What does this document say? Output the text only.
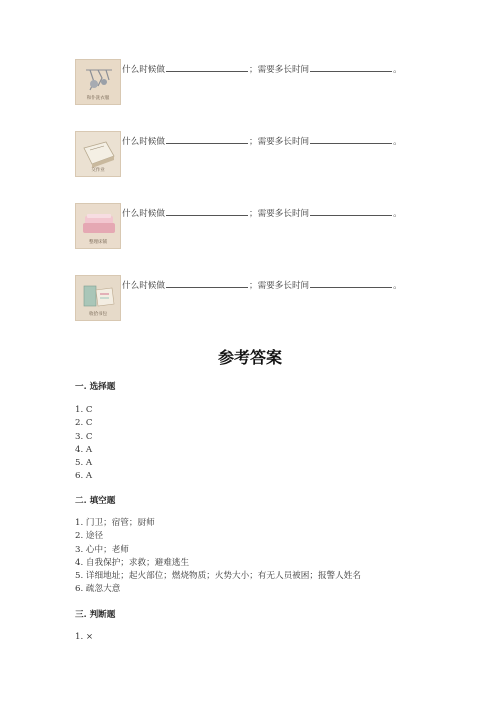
和仆洗衣服
什么时候做	；需要多长时间	。
交作业
什么时候做	；需要多长时间	。
整理床铺
什么时候做	；需要多长时间	。
收拾书包
什么时候做	；需要多长时间	。
参考答案
一. 选择题
1. C
2. C
3. C
4. A
5. A
6. A
二. 填空题
1. 门卫；宿管；厨师
2. 途径
3. 心中；老师
4. 自我保护；求救；避难逃生
5. 详细地址；起火部位；燃烧物质；火势大小；有无人员被困；报警人姓名
6. 疏忽大意
三. 判断题
1. ×
